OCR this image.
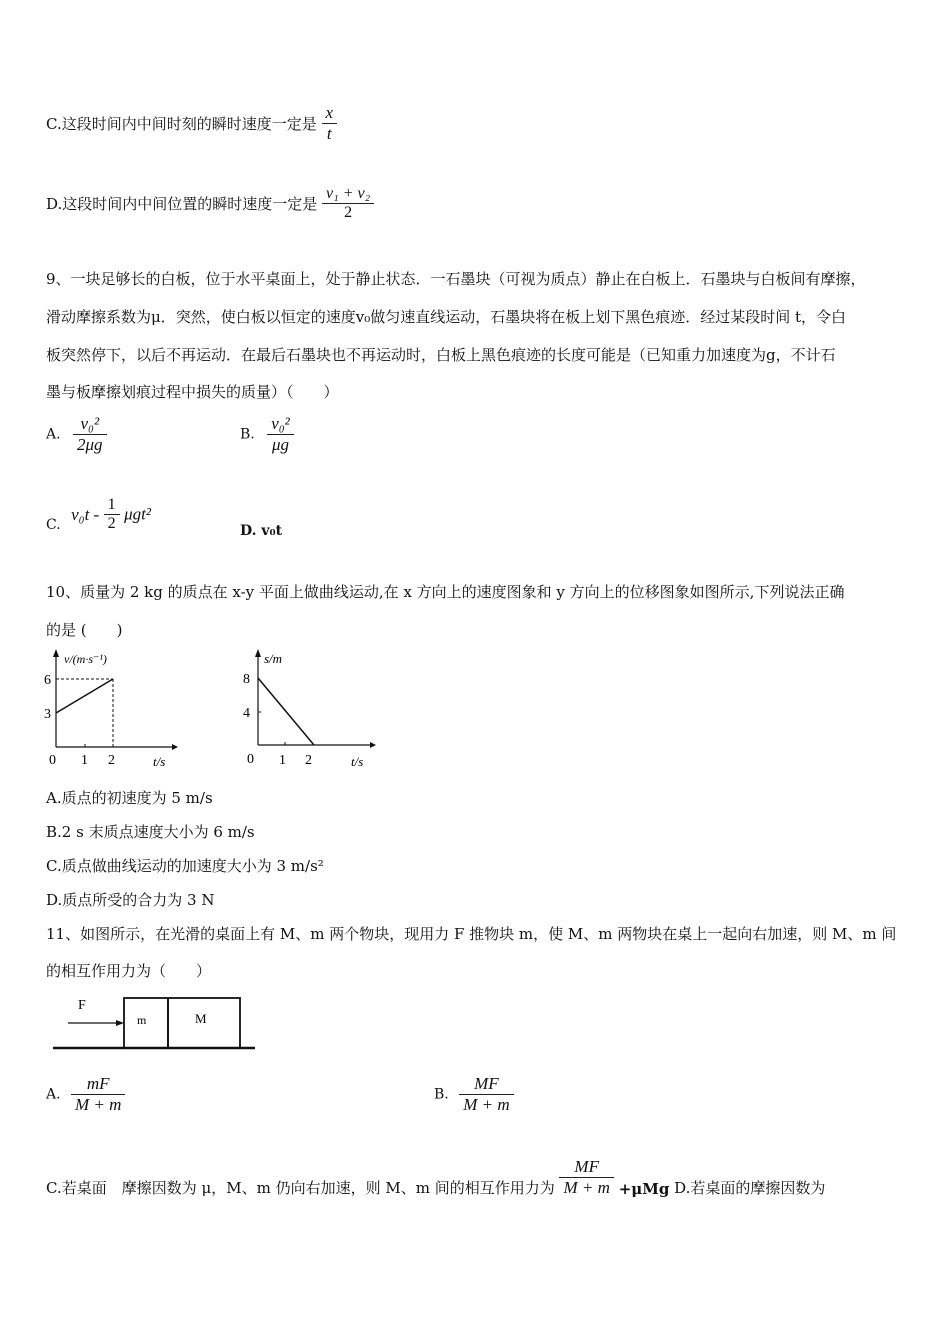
C.这段时间内中间时刻的瞬时速度一定是 $\frac{x}{t}$
D.这段时间内中间位置的瞬时速度一定是 $\frac{\text{v₁ + v₂}}{2}$
9、一块足够长的白板，位于水平桌面上，处于静止状态．一石墨块（可视为质点）静止在白板上．石墨块与白板间有摩擦，
滑动摩擦系数为μ．突然，使白板以恒定的速度v₀做匀速直线运动，石墨块将在板上划下黑色痕迹．经过某段时间 t，令白
板突然停下，以后不再运动．在最后石墨块也不再运动时，白板上黑色痕迹的长度可能是（已知重力加速度为g，不计石
墨与板摩擦划痕过程中损失的质量）（　　）
A. $\frac{\text{v₀²}}{2\mu g}$	B. $\frac{\text{v₀²}}{\mu g}$
C. $v_0t - \frac{1}{2} \mu gt^2$
D. v₀t
10、质量为 2 kg 的质点在 x-y 平面上做曲线运动,在 x 方向上的速度图象和 y 方向上的位移图象如图所示,下列说法正确
的是 (　　)
v/(m·s⁻¹)
6
3
0 1 2	t/s
s/m
8
4
0 1 2	t/s
A.质点的初速度为 5 m/s
B.2 s 末质点速度大小为 6 m/s
C.质点做曲线运动的加速度大小为 3 m/s²
D.质点所受的合力为 3 N
11、如图所示，在光滑的桌面上有 M、m 两个物块，现用力 F 推物块 m，使 M、m 两物块在桌上一起向右加速，则 M、m 间
的相互作用力为（　　）
F
m	M
A. $\frac{mF}{M + m}$	B. $\frac{MF}{M + m}$
C.若桌面　摩擦因数为 μ，M、m 仍向右加速，则 M、m 间的相互作用力为 $\frac{MF}{M + m} +\mu Mg$ D.若桌面的摩擦因数为
